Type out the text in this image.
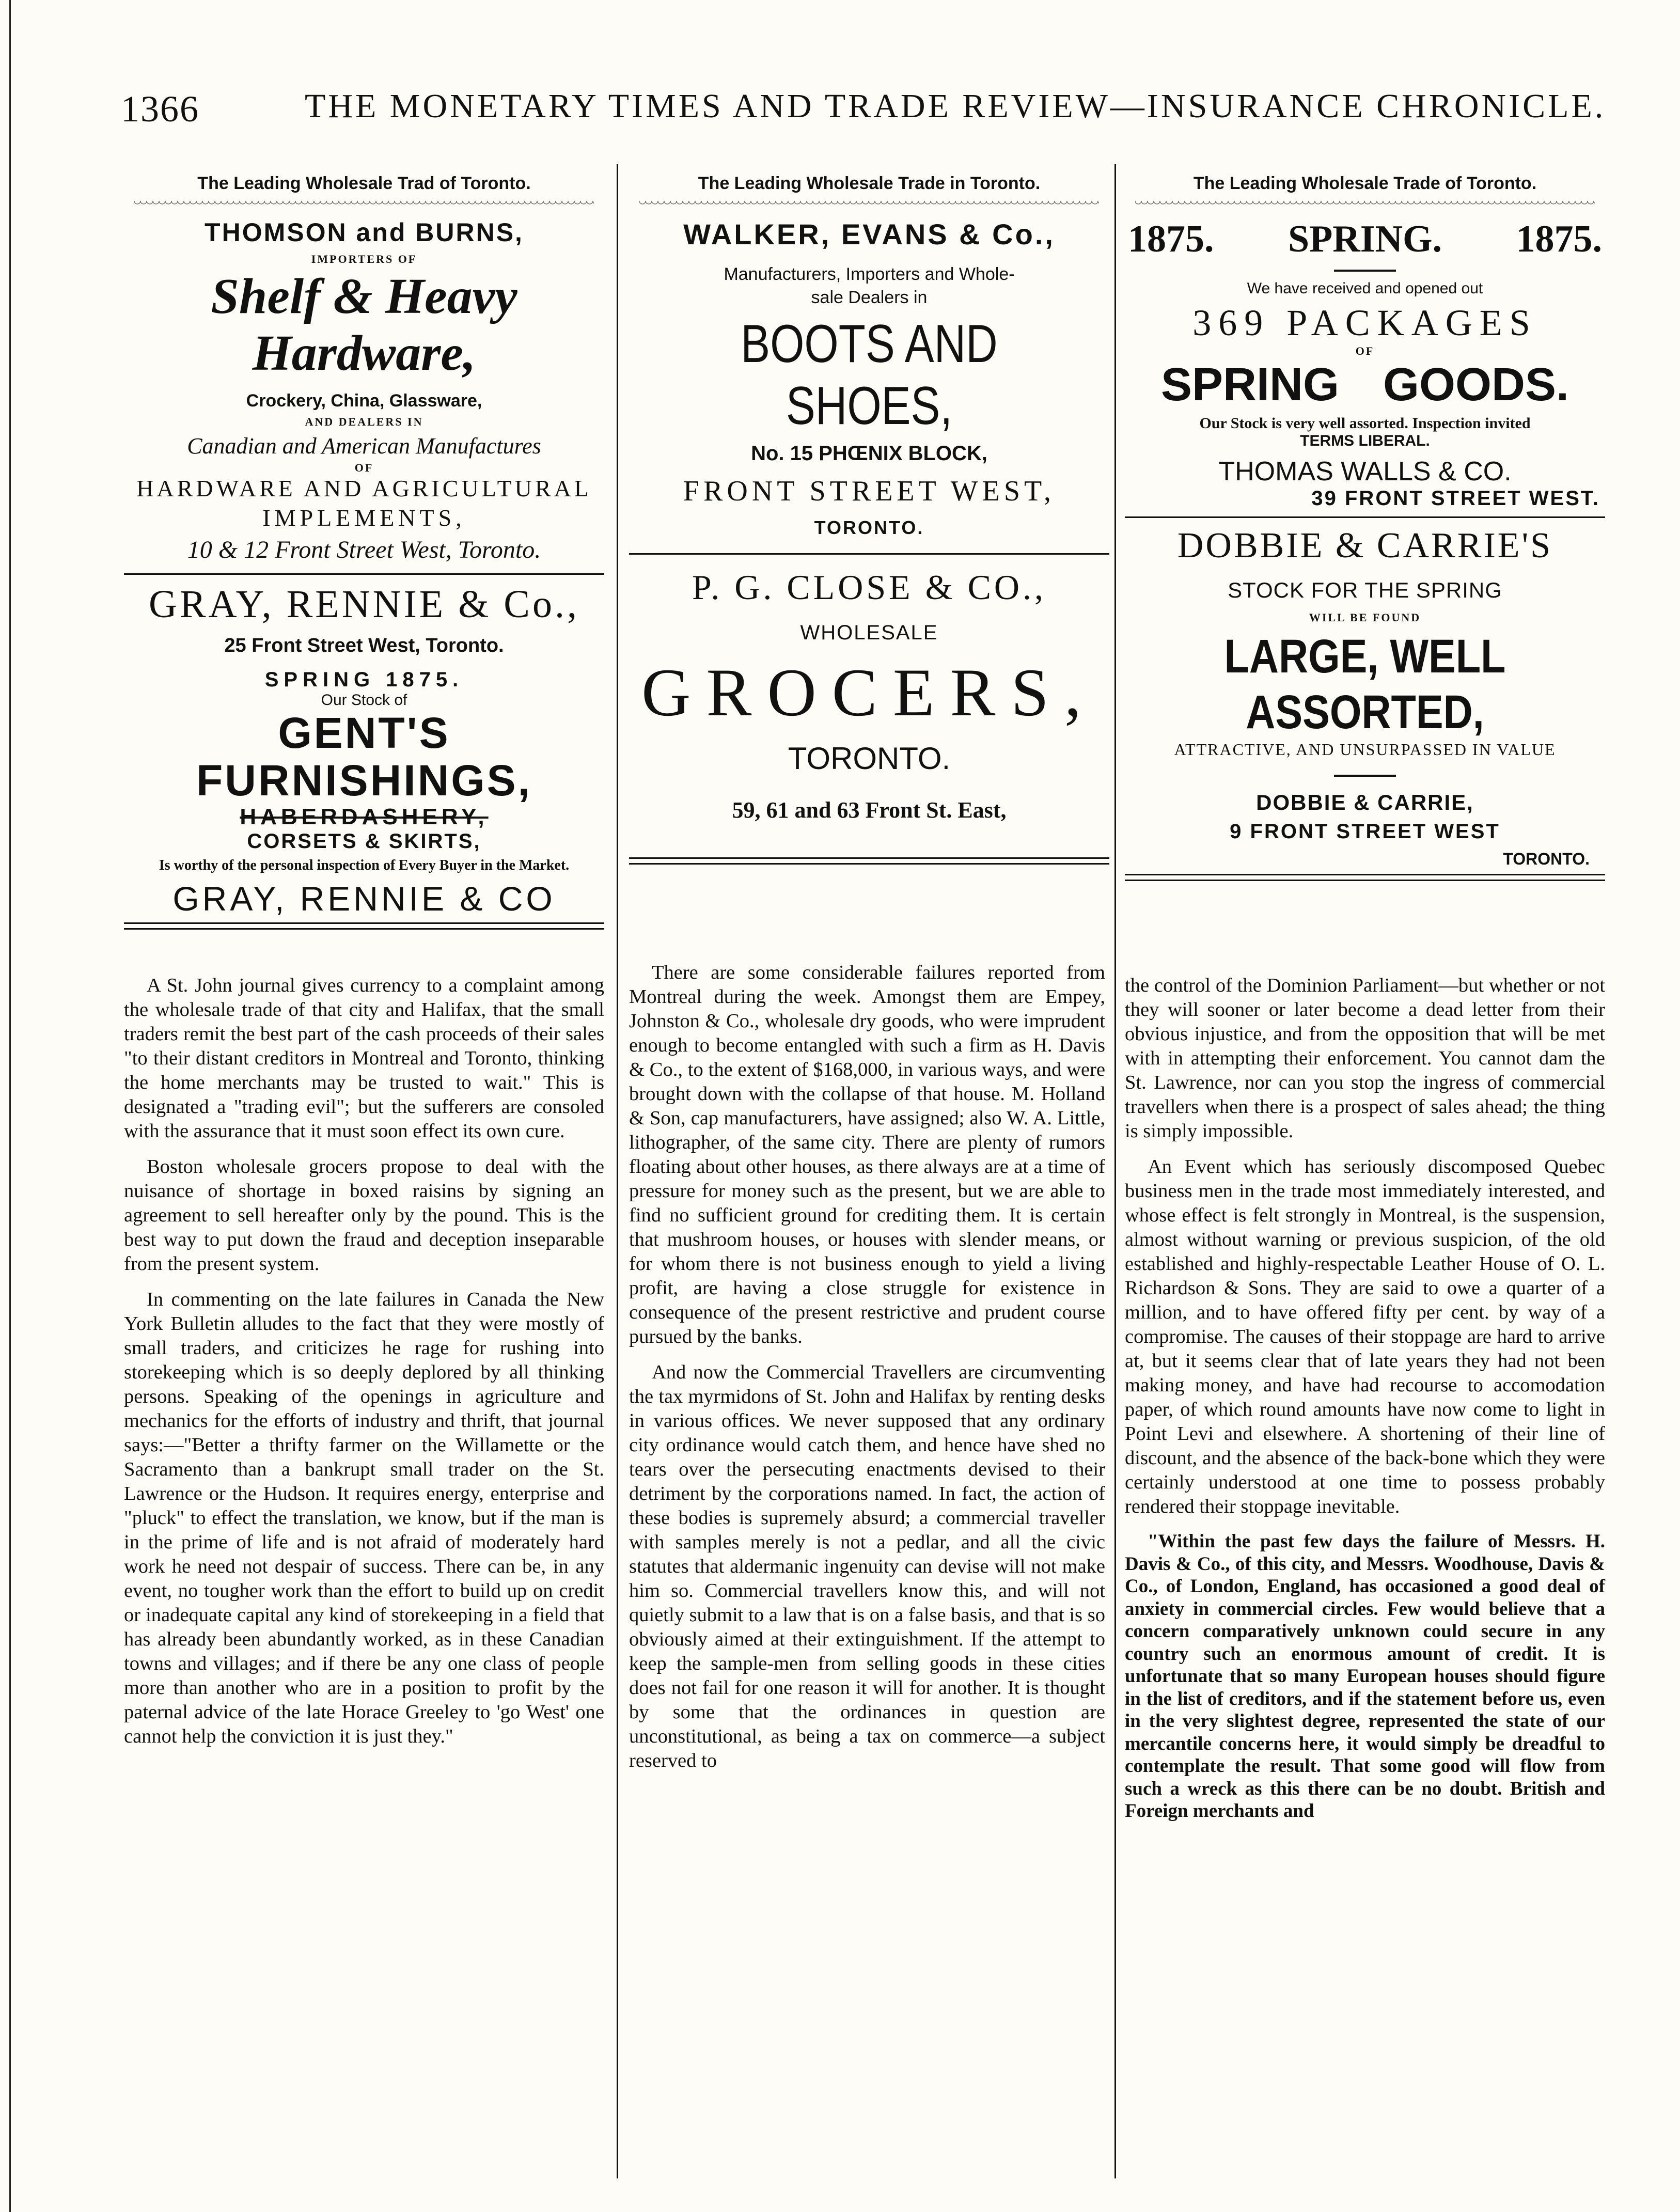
1366	THE MONETARY TIMES AND TRADE REVIEW—INSURANCE CHRONICLE.
The Leading Wholesale Trad of Toronto.
THOMSON and BURNS,
IMPORTERS OF
Shelf & Heavy Hardware,
Crockery, China, Glassware,
AND DEALERS IN
Canadian and American Manufactures
OF
HARDWARE AND AGRICULTURAL
IMPLEMENTS,
10 & 12 Front Street West, Toronto.
GRAY, RENNIE & Co.,
25 Front Street West, Toronto.
SPRING 1875.
Our Stock of
GENT'S FURNISHINGS,
HABERDASHERY,
CORSETS & SKIRTS,
Is worthy of the personal inspection of Every Buyer in the Market.
GRAY, RENNIE & CO
The Leading Wholesale Trade in Toronto.
WALKER, EVANS & Co.,
Manufacturers, Importers and Whole-
sale Dealers in
BOOTS AND SHOES,
No. 15 PHŒNIX BLOCK,
FRONT STREET WEST,
TORONTO.
P. G. CLOSE & CO.,
WHOLESALE
GROCERS,
TORONTO.
59, 61 and 63 Front St. East,
The Leading Wholesale Trade of Toronto.
1875. SPRING. 1875.
We have received and opened out
369 PACKAGES
OF
SPRING GOODS.
Our Stock is very well assorted. Inspection invited
TERMS LIBERAL.
THOMAS WALLS & CO.
39 FRONT STREET WEST.
DOBBIE & CARRIE'S
STOCK FOR THE SPRING
WILL BE FOUND
LARGE, WELL ASSORTED,
ATTRACTIVE, AND UNSURPASSED IN VALUE
DOBBIE & CARRIE,
9 FRONT STREET WEST
TORONTO.

A St. John journal gives currency to a complaint among the wholesale trade of that city and Halifax, that the small traders remit the best part of the cash proceeds of their sales "to their distant creditors in Montreal and Toronto, thinking the home merchants may be trusted to wait." This is designated a "trading evil"; but the sufferers are consoled with the assurance that it must soon effect its own cure.

Boston wholesale grocers propose to deal with the nuisance of shortage in boxed raisins by signing an agreement to sell hereafter only by the pound. This is the best way to put down the fraud and deception inseparable from the present system.

In commenting on the late failures in Canada the New York Bulletin alludes to the fact that they were mostly of small traders, and criticizes he rage for rushing into storekeeping which is so deeply deplored by all thinking persons. Speaking of the openings in agriculture and mechanics for the efforts of industry and thrift, that journal says:—"Better a thrifty farmer on the Willamette or the Sacramento than a bankrupt small trader on the St. Lawrence or the Hudson. It requires energy, enterprise and "pluck" to effect the translation, we know, but if the man is in the prime of life and is not afraid of moderately hard work he need not despair of success. There can be, in any event, no tougher work than the effort to build up on credit or inadequate capital any kind of storekeeping in a field that has already been abundantly worked, as in these Canadian towns and villages; and if there be any one class of people more than another who are in a position to profit by the paternal advice of the late Horace Greeley to 'go West' one cannot help the conviction it is just they."

There are some considerable failures reported from Montreal during the week. Amongst them are Empey, Johnston & Co., wholesale dry goods, who were imprudent enough to become entangled with such a firm as H. Davis & Co., to the extent of $168,000, in various ways, and were brought down with the collapse of that house. M. Holland & Son, cap manufacturers, have assigned; also W. A. Little, lithographer, of the same city. There are plenty of rumors floating about other houses, as there always are at a time of pressure for money such as the present, but we are able to find no sufficient ground for crediting them. It is certain that mushroom houses, or houses with slender means, or for whom there is not business enough to yield a living profit, are having a close struggle for existence in consequence of the present restrictive and prudent course pursued by the banks.

And now the Commercial Travellers are circumventing the tax myrmidons of St. John and Halifax by renting desks in various offices. We never supposed that any ordinary city ordinance would catch them, and hence have shed no tears over the persecuting enactments devised to their detriment by the corporations named. In fact, the action of these bodies is supremely absurd; a commercial traveller with samples merely is not a pedlar, and all the civic statutes that aldermanic ingenuity can devise will not make him so. Commercial travellers know this, and will not quietly submit to a law that is on a false basis, and that is so obviously aimed at their extinguishment. If the attempt to keep the sample-men from selling goods in these cities does not fail for one reason it will for another. It is thought by some that the ordinances in question are unconstitutional, as being a tax on commerce—a subject reserved to

the control of the Dominion Parliament—but whether or not they will sooner or later become a dead letter from their obvious injustice, and from the opposition that will be met with in attempting their enforcement. You cannot dam the St. Lawrence, nor can you stop the ingress of commercial travellers when there is a prospect of sales ahead; the thing is simply impossible.

An Event which has seriously discomposed Quebec business men in the trade most immediately interested, and whose effect is felt strongly in Montreal, is the suspension, almost without warning or previous suspicion, of the old established and highly-respectable Leather House of O. L. Richardson & Sons. They are said to owe a quarter of a million, and to have offered fifty per cent. by way of a compromise. The causes of their stoppage are hard to arrive at, but it seems clear that of late years they had not been making money, and have had recourse to accomodation paper, of which round amounts have now come to light in Point Levi and elsewhere. A shortening of their line of discount, and the absence of the back-bone which they were certainly understood at one time to possess probably rendered their stoppage inevitable.

"Within the past few days the failure of Messrs. H. Davis & Co., of this city, and Messrs. Woodhouse, Davis & Co., of London, England, has occasioned a good deal of anxiety in commercial circles. Few would believe that a concern comparatively unknown could secure in any country such an enormous amount of credit. It is unfortunate that so many European houses should figure in the list of creditors, and if the statement before us, even in the very slightest degree, represented the state of our mercantile concerns here, it would simply be dreadful to contemplate the result. That some good will flow from such a wreck as this there can be no doubt. British and Foreign merchants and
